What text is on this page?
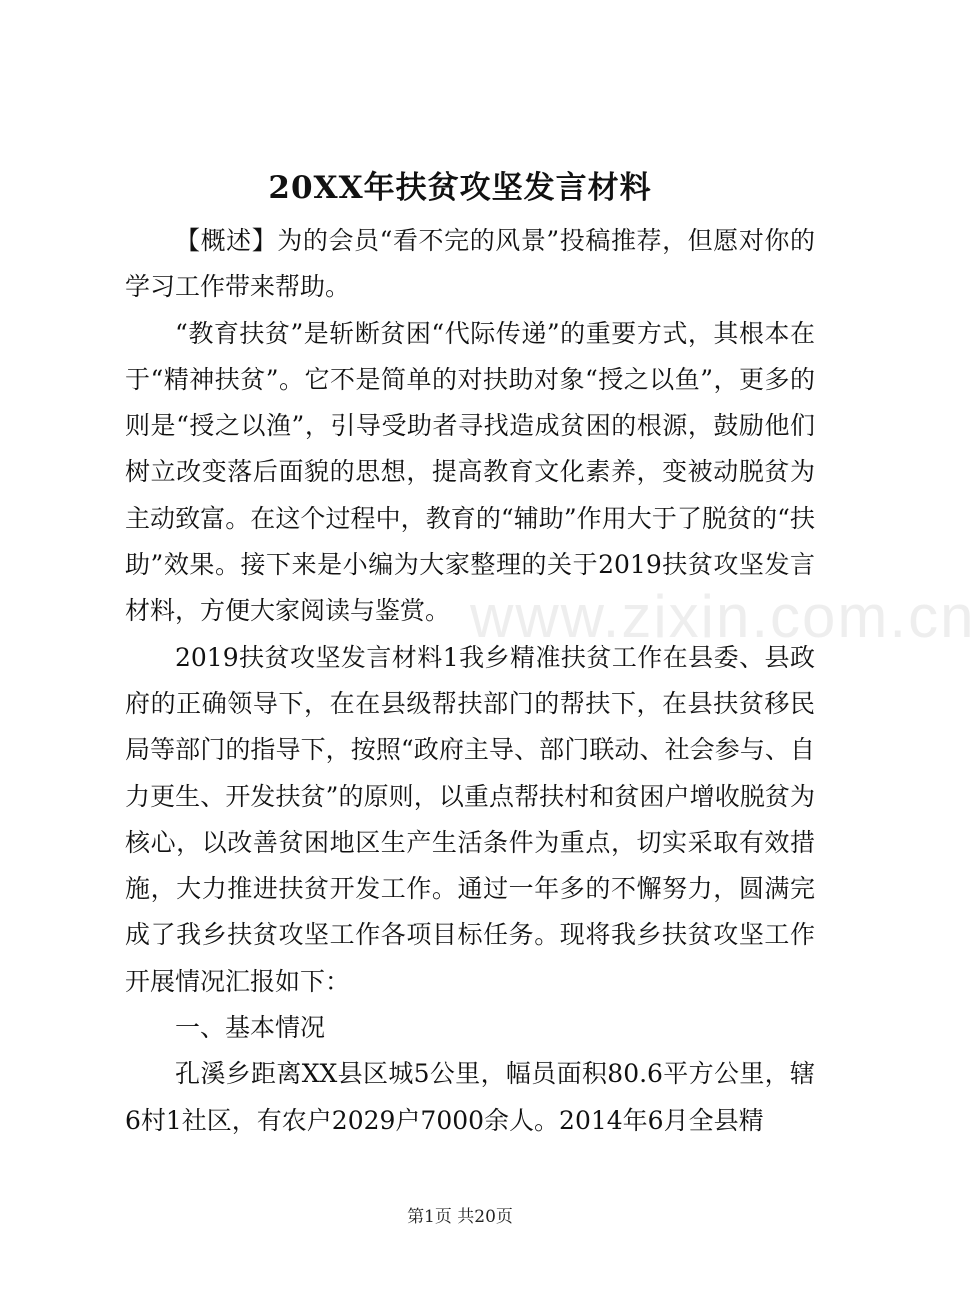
20XX年扶贫攻坚发言材料

【概述】为的会员“看不完的风景”投稿推荐，但愿对你的学习工作带来帮助。

“教育扶贫”是斩断贫困“代际传递”的重要方式，其根本在于“精神扶贫”。它不是简单的对扶助对象“授之以鱼”，更多的则是“授之以渔”，引导受助者寻找造成贫困的根源，鼓励他们树立改变落后面貌的思想，提高教育文化素养，变被动脱贫为主动致富。在这个过程中，教育的“辅助”作用大于了脱贫的“扶助”效果。接下来是小编为大家整理的关于2019扶贫攻坚发言材料，方便大家阅读与鉴赏。

2019扶贫攻坚发言材料1我乡精准扶贫工作在县委、县政府的正确领导下，在在县级帮扶部门的帮扶下，在县扶贫移民局等部门的指导下，按照“政府主导、部门联动、社会参与、自力更生、开发扶贫”的原则，以重点帮扶村和贫困户增收脱贫为核心，以改善贫困地区生产生活条件为重点，切实采取有效措施，大力推进扶贫开发工作。通过一年多的不懈努力，圆满完成了我乡扶贫攻坚工作各项目标任务。现将我乡扶贫攻坚工作开展情况汇报如下：

一、基本情况

孔溪乡距离XX县区城5公里，幅员面积80.6平方公里，辖6村1社区，有农户2029户7000余人。2014年6月全县精

www.zixin.com.cn
第1页 共20页
